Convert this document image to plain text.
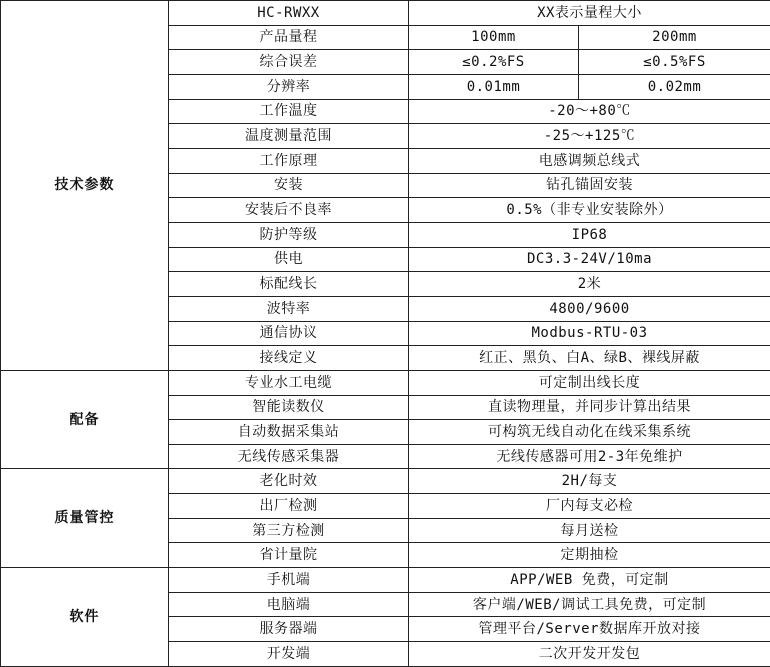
技术参数	HC-RWXX	XX表示量程大小	
	产品量程	100mm	200mm
	综合误差	≤0.2%FS	≤0.5%FS
	分辨率	0.01mm	0.02mm
	工作温度	-20～+80℃	
	温度测量范围	-25～+125℃	
	工作原理	电感调频总线式	
	安装	钻孔锚固安装	
	安装后不良率	0.5%（非专业安装除外）	
	防护等级	IP68	
	供电	DC3.3-24V/10ma	
	标配线长	2米	
	波特率	4800/9600	
	通信协议	Modbus-RTU-03	
	接线定义	红正、黑负、白A、绿B、裸线屏蔽	
配备	专业水工电缆	可定制出线长度	
	智能读数仪	直读物理量，并同步计算出结果	
	自动数据采集站	可构筑无线自动化在线采集系统	
	无线传感采集器	无线传感器可用2-3年免维护	
质量管控	老化时效	2H/每支	
	出厂检测	厂内每支必检	
	第三方检测	每月送检	
	省计量院	定期抽检	
软件	手机端	APP/WEB 免费，可定制	
	电脑端	客户端/WEB/调试工具免费，可定制	
	服务器端	管理平台/Server数据库开放对接	
	开发端	二次开发开发包	
